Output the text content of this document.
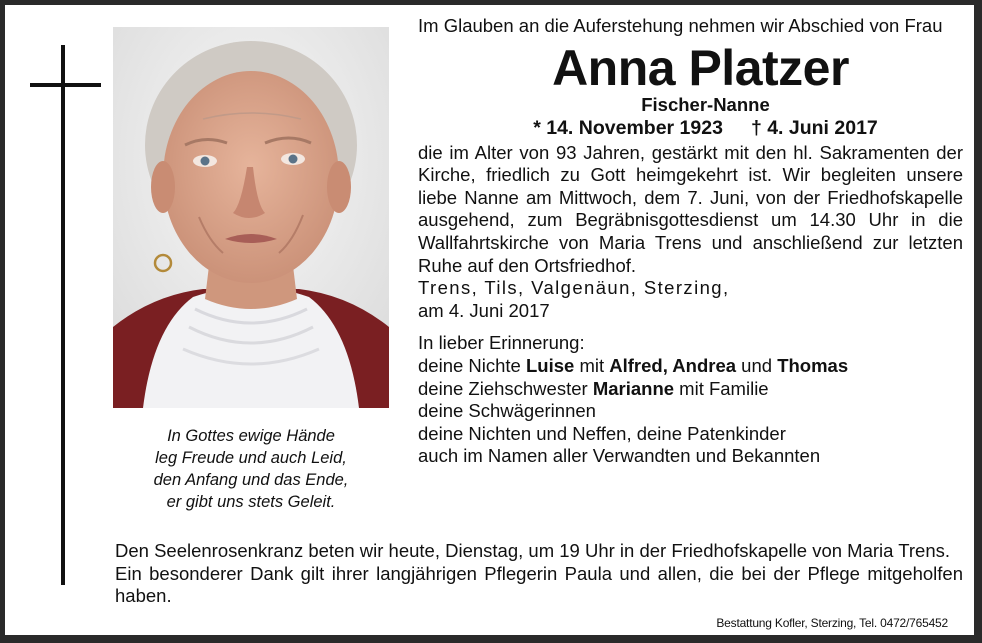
In Gottes ewige Hände
leg Freude und auch Leid,
den Anfang und das Ende,
er gibt uns stets Geleit.
Im Glauben an die Auferstehung nehmen wir Abschied von Frau
Anna Platzer
Fischer-Nanne
* 14. November 1923 † 4. Juni 2017
die im Alter von 93 Jahren, gestärkt mit den hl. Sakramenten der Kirche, friedlich zu Gott heimgekehrt ist. Wir begleiten unsere liebe Nanne am Mittwoch, dem 7. Juni, von der Friedhofskapelle ausgehend, zum Begräbnisgottesdienst um 14.30 Uhr in die Wallfahrtskirche von Maria Trens und anschließend zur letzten Ruhe auf den Ortsfriedhof.
Trens, Tils, Valgenäun, Sterzing,
am 4. Juni 2017
In lieber Erinnerung:
deine Nichte Luise mit Alfred, Andrea und Thomas
deine Ziehschwester Marianne mit Familie
deine Schwägerinnen
deine Nichten und Neffen, deine Patenkinder
auch im Namen aller Verwandten und Bekannten
Den Seelenrosenkranz beten wir heute, Dienstag, um 19 Uhr in der Friedhofskapelle von Maria Trens.
Ein besonderer Dank gilt ihrer langjährigen Pflegerin Paula und allen, die bei der Pflege mitgeholfen haben.
Bestattung Kofler, Sterzing, Tel. 0472/765452
